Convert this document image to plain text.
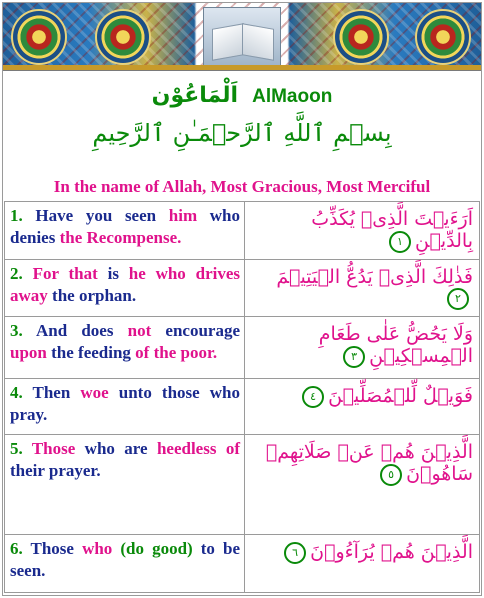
اَلْمَاعُوْن AlMaoon
بِسۡمِ ٱللَّهِ ٱلرَّحۡمَـٰنِ ٱلرَّحِيمِ
In the name of Allah, Most Gracious, Most Merciful
1. Have you seen him who denies the Recompense.	اَرَءَيۡتَ الَّذِىۡ يُكَذِّبُ بِالدِّيۡنِ١
2. For that is he who drives away the orphan.	فَذٰلِكَ الَّذِىۡ يَدُعُّ الۡيَتِيۡمَ٢
3. And does not encourage upon the feeding of the poor.	وَلَا يَحُضُّ عَلٰى طَعَامِ الۡمِسۡكِيۡنِ٣
4. Then woe unto those who pray.	فَوَيۡلٌ لِّلۡمُصَلِّيۡنَ٤
5. Those who are heedless of their prayer.	الَّذِيۡنَ هُمۡ عَنۡ صَلَاتِهِمۡ سَاهُوۡنَ٥
6. Those who (do good) to be seen.	الَّذِيۡنَ هُمۡ يُرَآءُوۡنَ٦
